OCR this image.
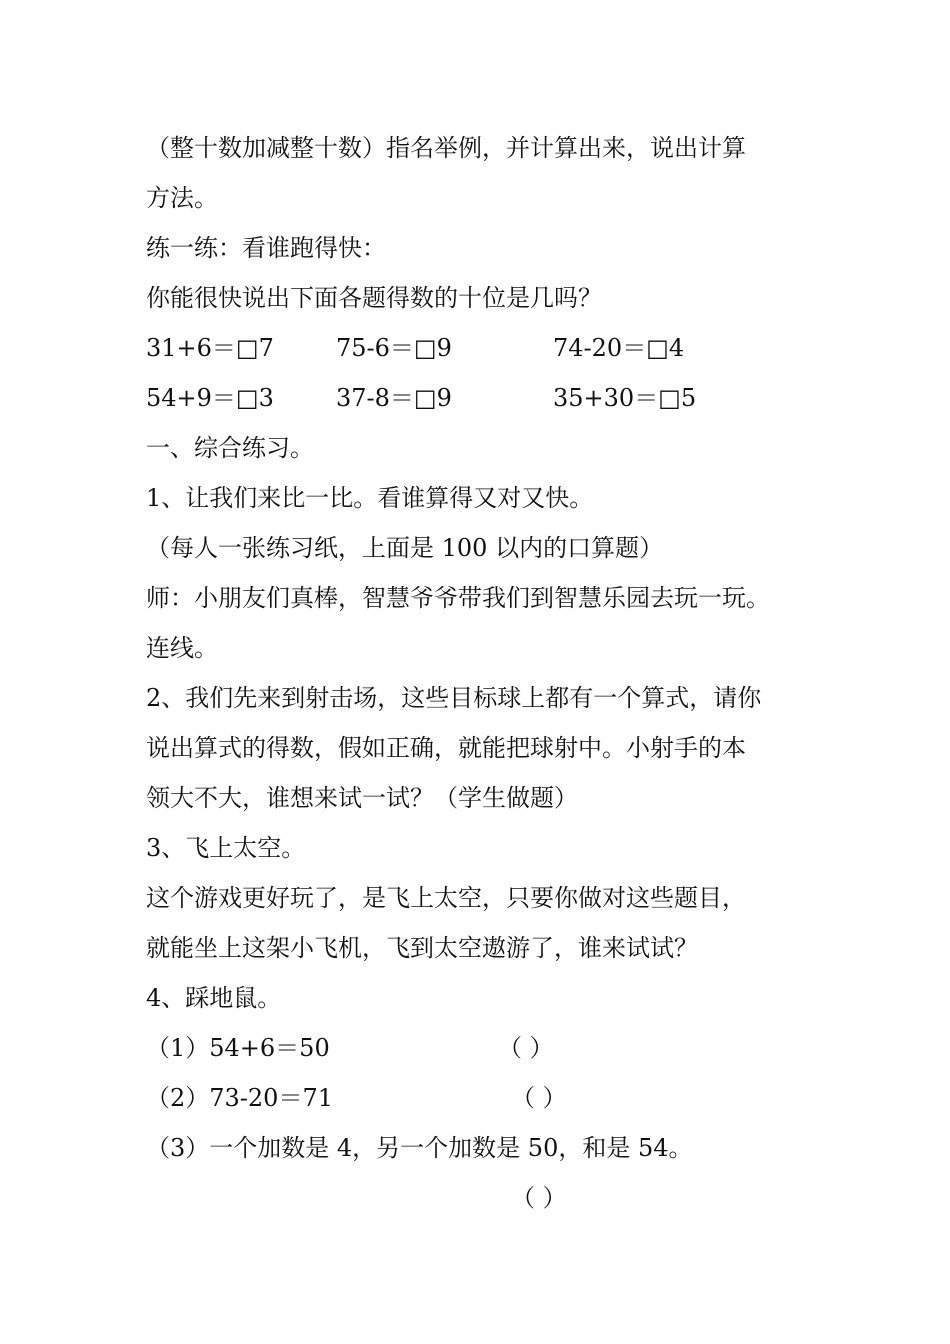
（整十数加减整十数）指名举例，并计算出来，说出计算
方法。
练一练：看谁跑得快：
你能很快说出下面各题得数的十位是几吗？
31+6＝□7	75-6＝□9	74-20＝□4
54+9＝□3	37-8＝□9	35+30＝□5
一、综合练习。
1、让我们来比一比。看谁算得又对又快。
（每人一张练习纸，上面是 100 以内的口算题）
师：小朋友们真棒，智慧爷爷带我们到智慧乐园去玩一玩。
连线。
2、我们先来到射击场，这些目标球上都有一个算式，请你
说出算式的得数，假如正确，就能把球射中。小射手的本
领大不大，谁想来试一试？（学生做题）
3、飞上太空。
这个游戏更好玩了，是飞上太空，只要你做对这些题目，
就能坐上这架小飞机，飞到太空遨游了，谁来试试？
4、踩地鼠。
（1）54+6＝50	（ ）
（2）73-20＝71	（ ）
（3）一个加数是 4，另一个加数是 50，和是 54。
（ ）
